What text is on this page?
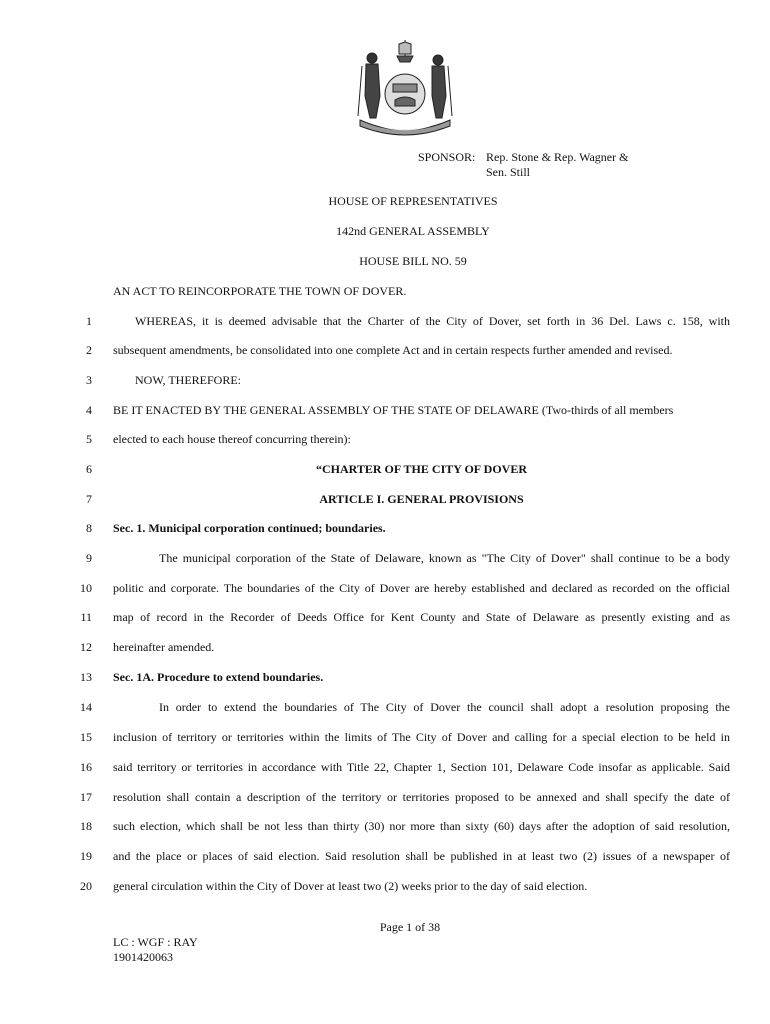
SPONSOR: Rep. Stone & Rep. Wagner &
Sen. Still
HOUSE OF REPRESENTATIVES
142nd GENERAL ASSEMBLY
HOUSE BILL NO. 59
AN ACT TO REINCORPORATE THE TOWN OF DOVER.
1	WHEREAS, it is deemed advisable that the Charter of the City of Dover, set forth in 36 Del. Laws c. 158, with
2 subsequent amendments, be consolidated into one complete Act and in certain respects further amended and revised.
3	NOW, THEREFORE:
4 BE IT ENACTED BY THE GENERAL ASSEMBLY OF THE STATE OF DELAWARE (Two-thirds of all members
5 elected to each house thereof concurring therein):
6	“CHARTER OF THE CITY OF DOVER
7	ARTICLE I. GENERAL PROVISIONS
8 Sec. 1. Municipal corporation continued; boundaries.
9	The municipal corporation of the State of Delaware, known as "The City of Dover" shall continue to be a body
10 politic and corporate. The boundaries of the City of Dover are hereby established and declared as recorded on the official
11 map of record in the Recorder of Deeds Office for Kent County and State of Delaware as presently existing and as
12 hereinafter amended.
13 Sec. 1A. Procedure to extend boundaries.
14	In order to extend the boundaries of The City of Dover the council shall adopt a resolution proposing the
15 inclusion of territory or territories within the limits of The City of Dover and calling for a special election to be held in
16 said territory or territories in accordance with Title 22, Chapter 1, Section 101, Delaware Code insofar as applicable. Said
17 resolution shall contain a description of the territory or territories proposed to be annexed and shall specify the date of
18 such election, which shall be not less than thirty (30) nor more than sixty (60) days after the adoption of said resolution,
19 and the place or places of said election. Said resolution shall be published in at least two (2) issues of a newspaper of
20 general circulation within the City of Dover at least two (2) weeks prior to the day of said election.
Page 1 of 38
LC : WGF : RAY
1901420063
